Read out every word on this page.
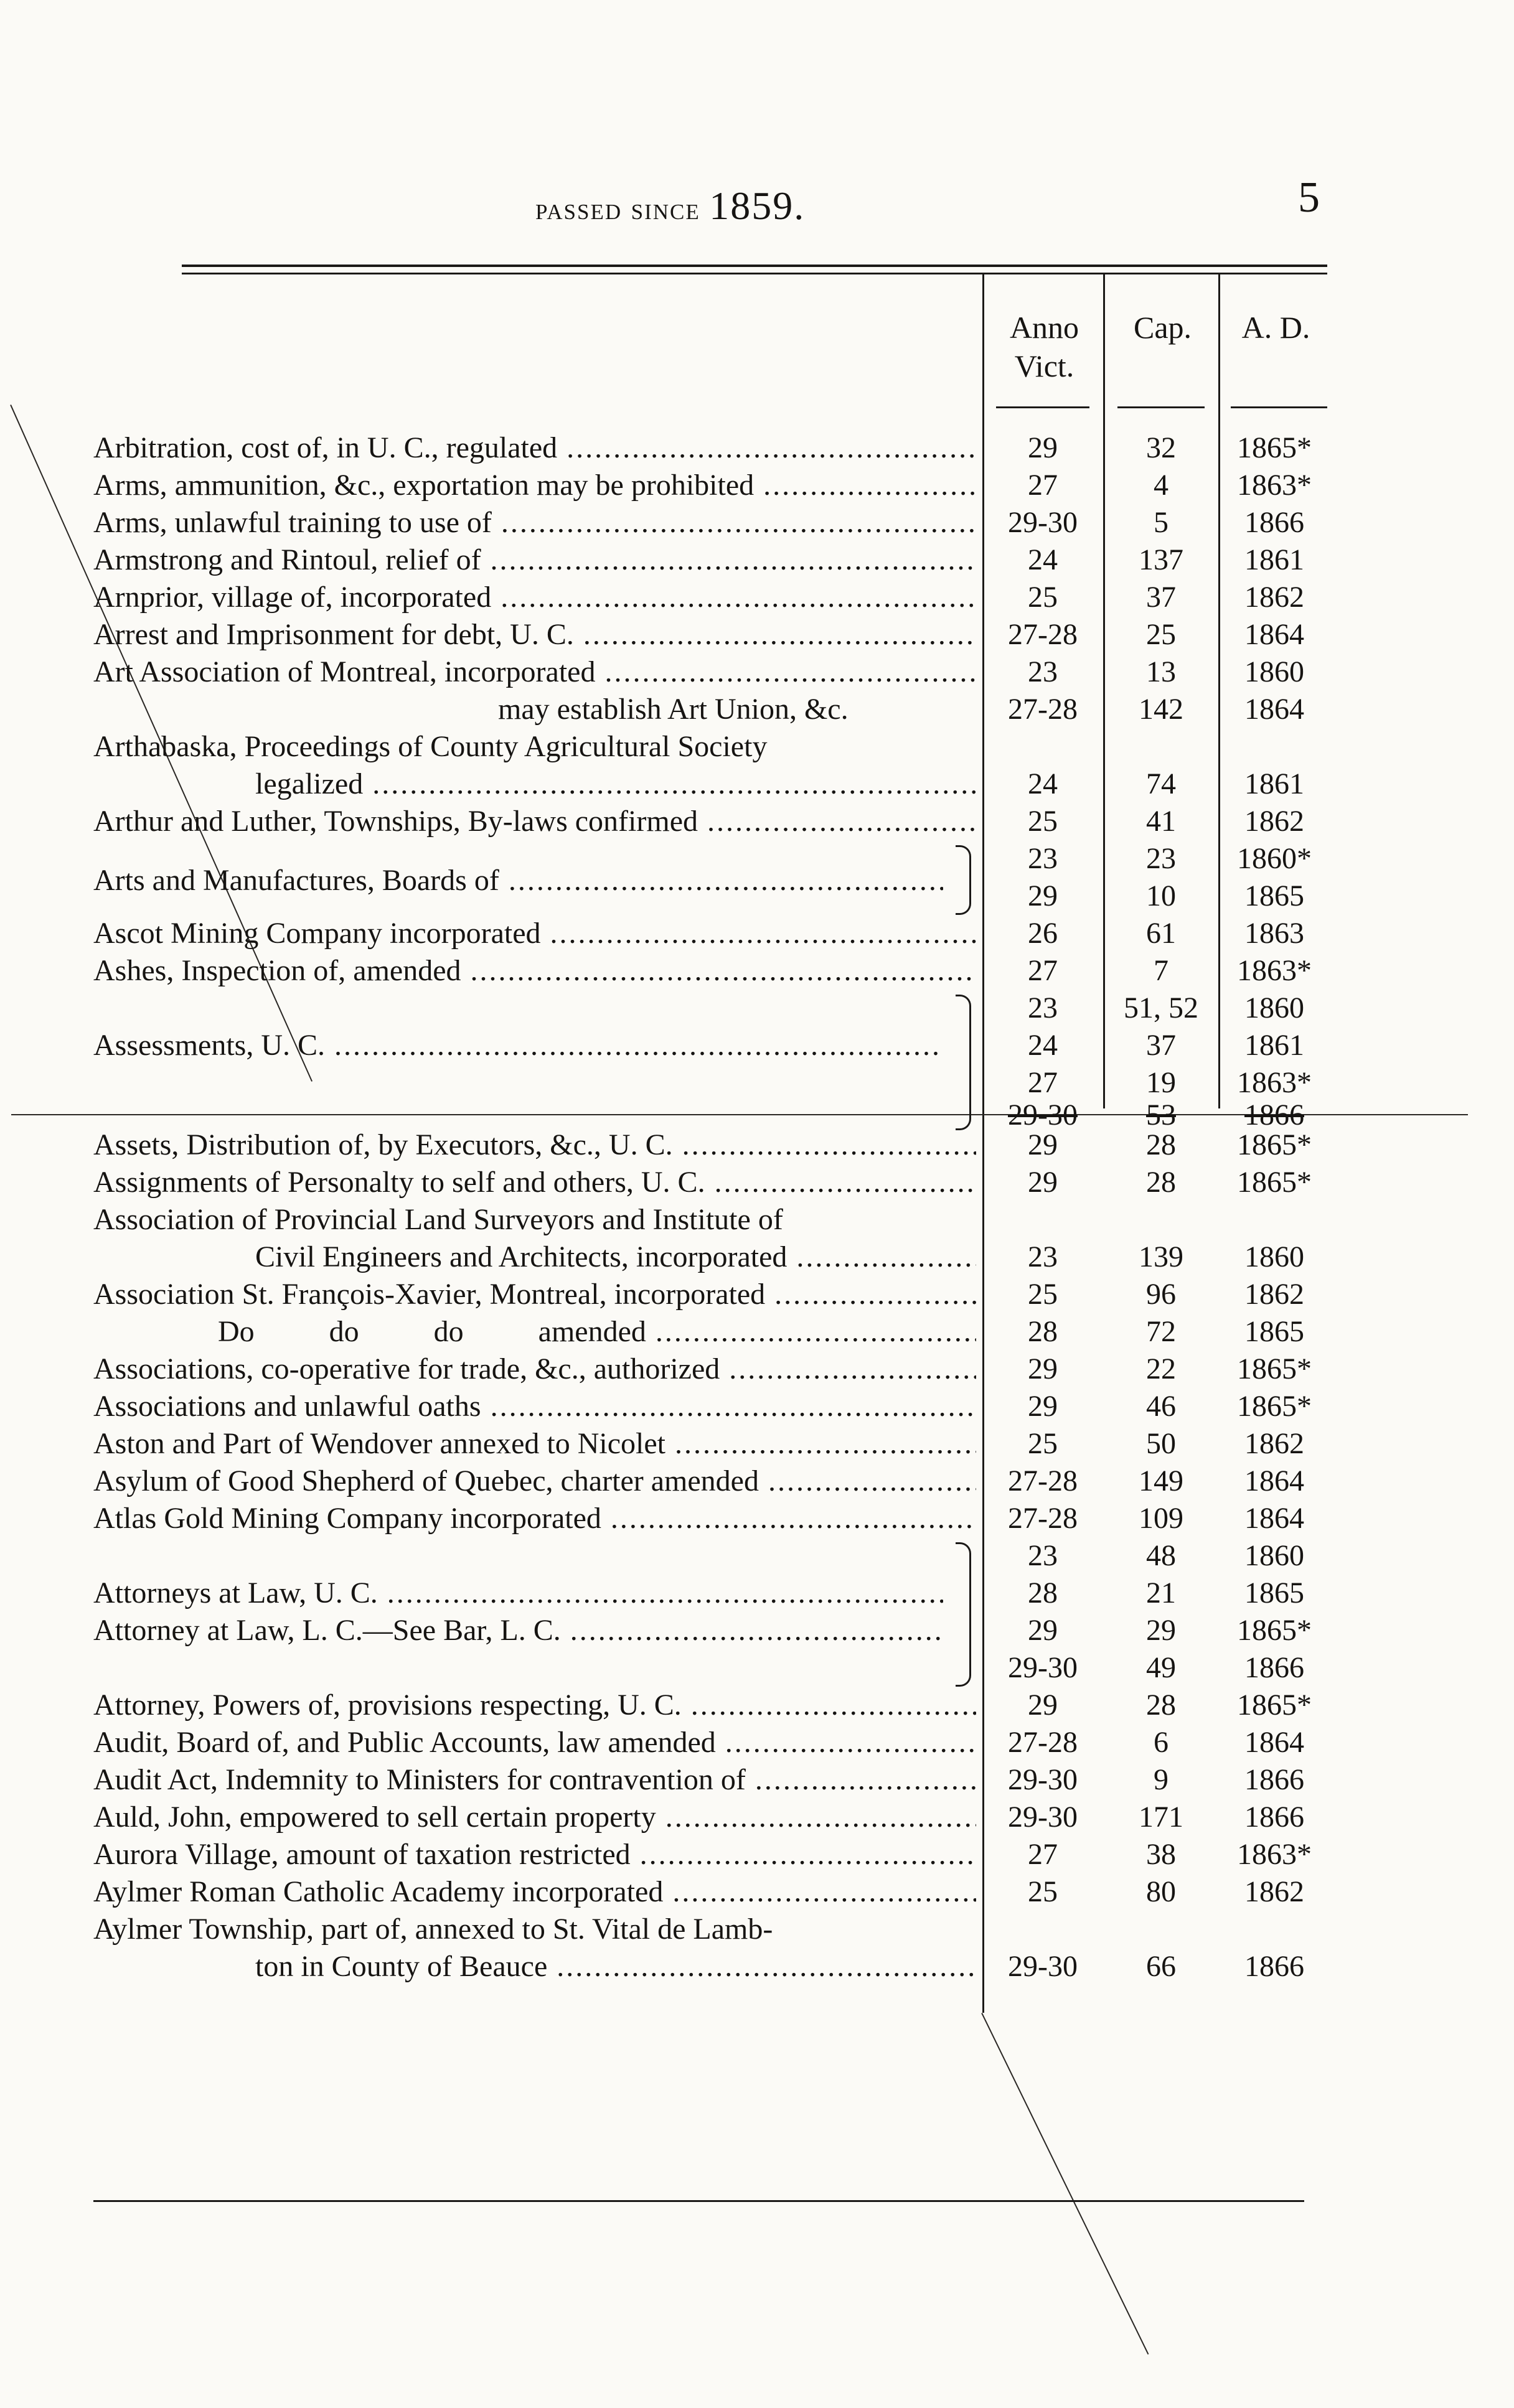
passed since 1859.	5
Anno Vict.
Cap.	A. D.
Arbitration, cost of, in U. C., regulated .....	29	32	1865*
Arms, ammunition, &c., exportation may be prohibited .....	27	4	1863*
Arms, unlawful training to use of .....	29-30	5	1866
Armstrong and Rintoul, relief of .....	24	137	1861
Arnprior, village of, incorporated .....	25	37	1862
Arrest and Imprisonment for debt, U. C. .....	27-28	25	1864
Art Association of Montreal, incorporated .....	23	13	1860
may establish Art Union, &c.	27-28	142	1864
Arthabaska, Proceedings of County Agricultural Society
legalized .....	24	74	1861
Arthur and Luther, Townships, By-laws confirmed .....	25	41	1862
23	23	1860*
Arts and Manufactures, Boards of .....	29	10	1865
Ascot Mining Company incorporated .....	26	61	1863
Ashes, Inspection of, amended .....	27	7	1863*
23	51, 52	1860
Assessments, U. C. .....	24	37	1861
27	19	1863*
29-30	53	1866
Assets, Distribution of, by Executors, &c., U. C. .....	29	28	1865*
Assignments of Personalty to self and others, U. C. .....	29	28	1865*
Association of Provincial Land Surveyors and Institute of
Civil Engineers and Architects, incorporated .....	23	139	1860
Association St. François-Xavier, Montreal, incorporated .....	25	96	1862
Do          do          do          amended .....	28	72	1865
Associations, co-operative for trade, &c., authorized .....	29	22	1865*
Associations and unlawful oaths .....	29	46	1865*
Aston and Part of Wendover annexed to Nicolet .....	25	50	1862
Asylum of Good Shepherd of Quebec, charter amended .....	27-28	149	1864
Atlas Gold Mining Company incorporated .....	27-28	109	1864
23	48	1860
Attorneys at Law, U. C. .....	28	21	1865
Attorney at Law, L. C.—See Bar, L. C. .....	29	29	1865*
29-30	49	1866
Attorney, Powers of, provisions respecting, U. C. .....	29	28	1865*
Audit, Board of, and Public Accounts, law amended .....	27-28	6	1864
Audit Act, Indemnity to Ministers for contravention of .....	29-30	9	1866
Auld, John, empowered to sell certain property .....	29-30	171	1866
Aurora Village, amount of taxation restricted .....	27	38	1863*
Aylmer Roman Catholic Academy incorporated .....	25	80	1862
Aylmer Township, part of, annexed to St. Vital de Lamb-
ton in County of Beauce .....	29-30	66	1866
